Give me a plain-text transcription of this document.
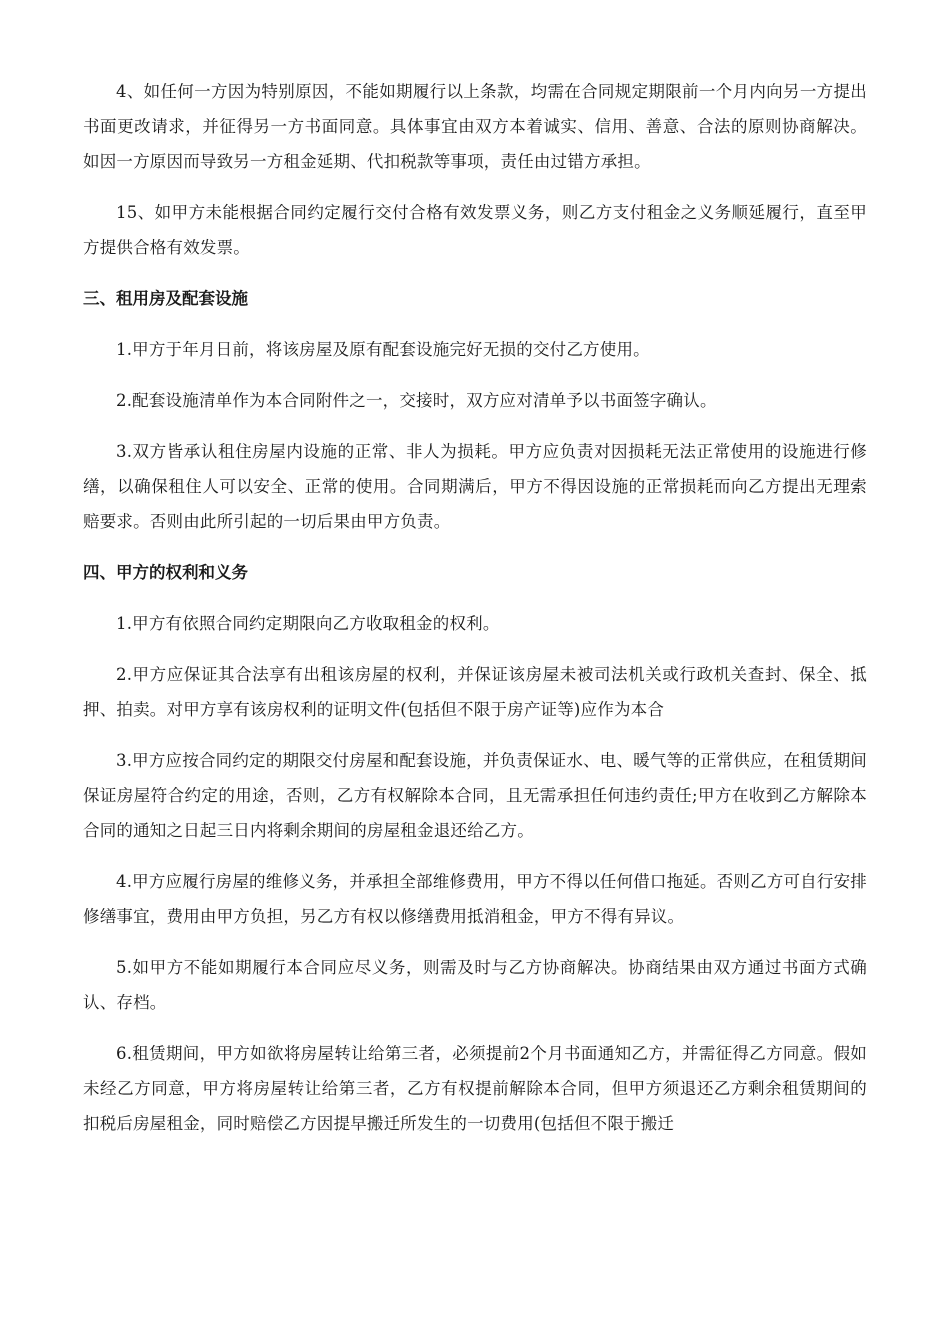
4、如任何一方因为特别原因，不能如期履行以上条款，均需在合同规定期限前一个月内向另一方提出书面更改请求，并征得另一方书面同意。具体事宜由双方本着诚实、信用、善意、合法的原则协商解决。如因一方原因而导致另一方租金延期、代扣税款等事项，责任由过错方承担。

15、如甲方未能根据合同约定履行交付合格有效发票义务，则乙方支付租金之义务顺延履行，直至甲方提供合格有效发票。

三、租用房及配套设施

1.甲方于年月日前，将该房屋及原有配套设施完好无损的交付乙方使用。

2.配套设施清单作为本合同附件之一，交接时，双方应对清单予以书面签字确认。

3.双方皆承认租住房屋内设施的正常、非人为损耗。甲方应负责对因损耗无法正常使用的设施进行修缮，以确保租住人可以安全、正常的使用。合同期满后，甲方不得因设施的正常损耗而向乙方提出无理索赔要求。否则由此所引起的一切后果由甲方负责。

四、甲方的权利和义务

1.甲方有依照合同约定期限向乙方收取租金的权利。

2.甲方应保证其合法享有出租该房屋的权利，并保证该房屋未被司法机关或行政机关查封、保全、抵押、拍卖。对甲方享有该房权利的证明文件(包括但不限于房产证等)应作为本合

3.甲方应按合同约定的期限交付房屋和配套设施，并负责保证水、电、暖气等的正常供应，在租赁期间保证房屋符合约定的用途，否则，乙方有权解除本合同，且无需承担任何违约责任;甲方在收到乙方解除本合同的通知之日起三日内将剩余期间的房屋租金退还给乙方。

4.甲方应履行房屋的维修义务，并承担全部维修费用，甲方不得以任何借口拖延。否则乙方可自行安排修缮事宜，费用由甲方负担，另乙方有权以修缮费用抵消租金，甲方不得有异议。

5.如甲方不能如期履行本合同应尽义务，则需及时与乙方协商解决。协商结果由双方通过书面方式确认、存档。

6.租赁期间，甲方如欲将房屋转让给第三者，必须提前2个月书面通知乙方，并需征得乙方同意。假如未经乙方同意，甲方将房屋转让给第三者，乙方有权提前解除本合同，但甲方须退还乙方剩余租赁期间的扣税后房屋租金，同时赔偿乙方因提早搬迁所发生的一切费用(包括但不限于搬迁
